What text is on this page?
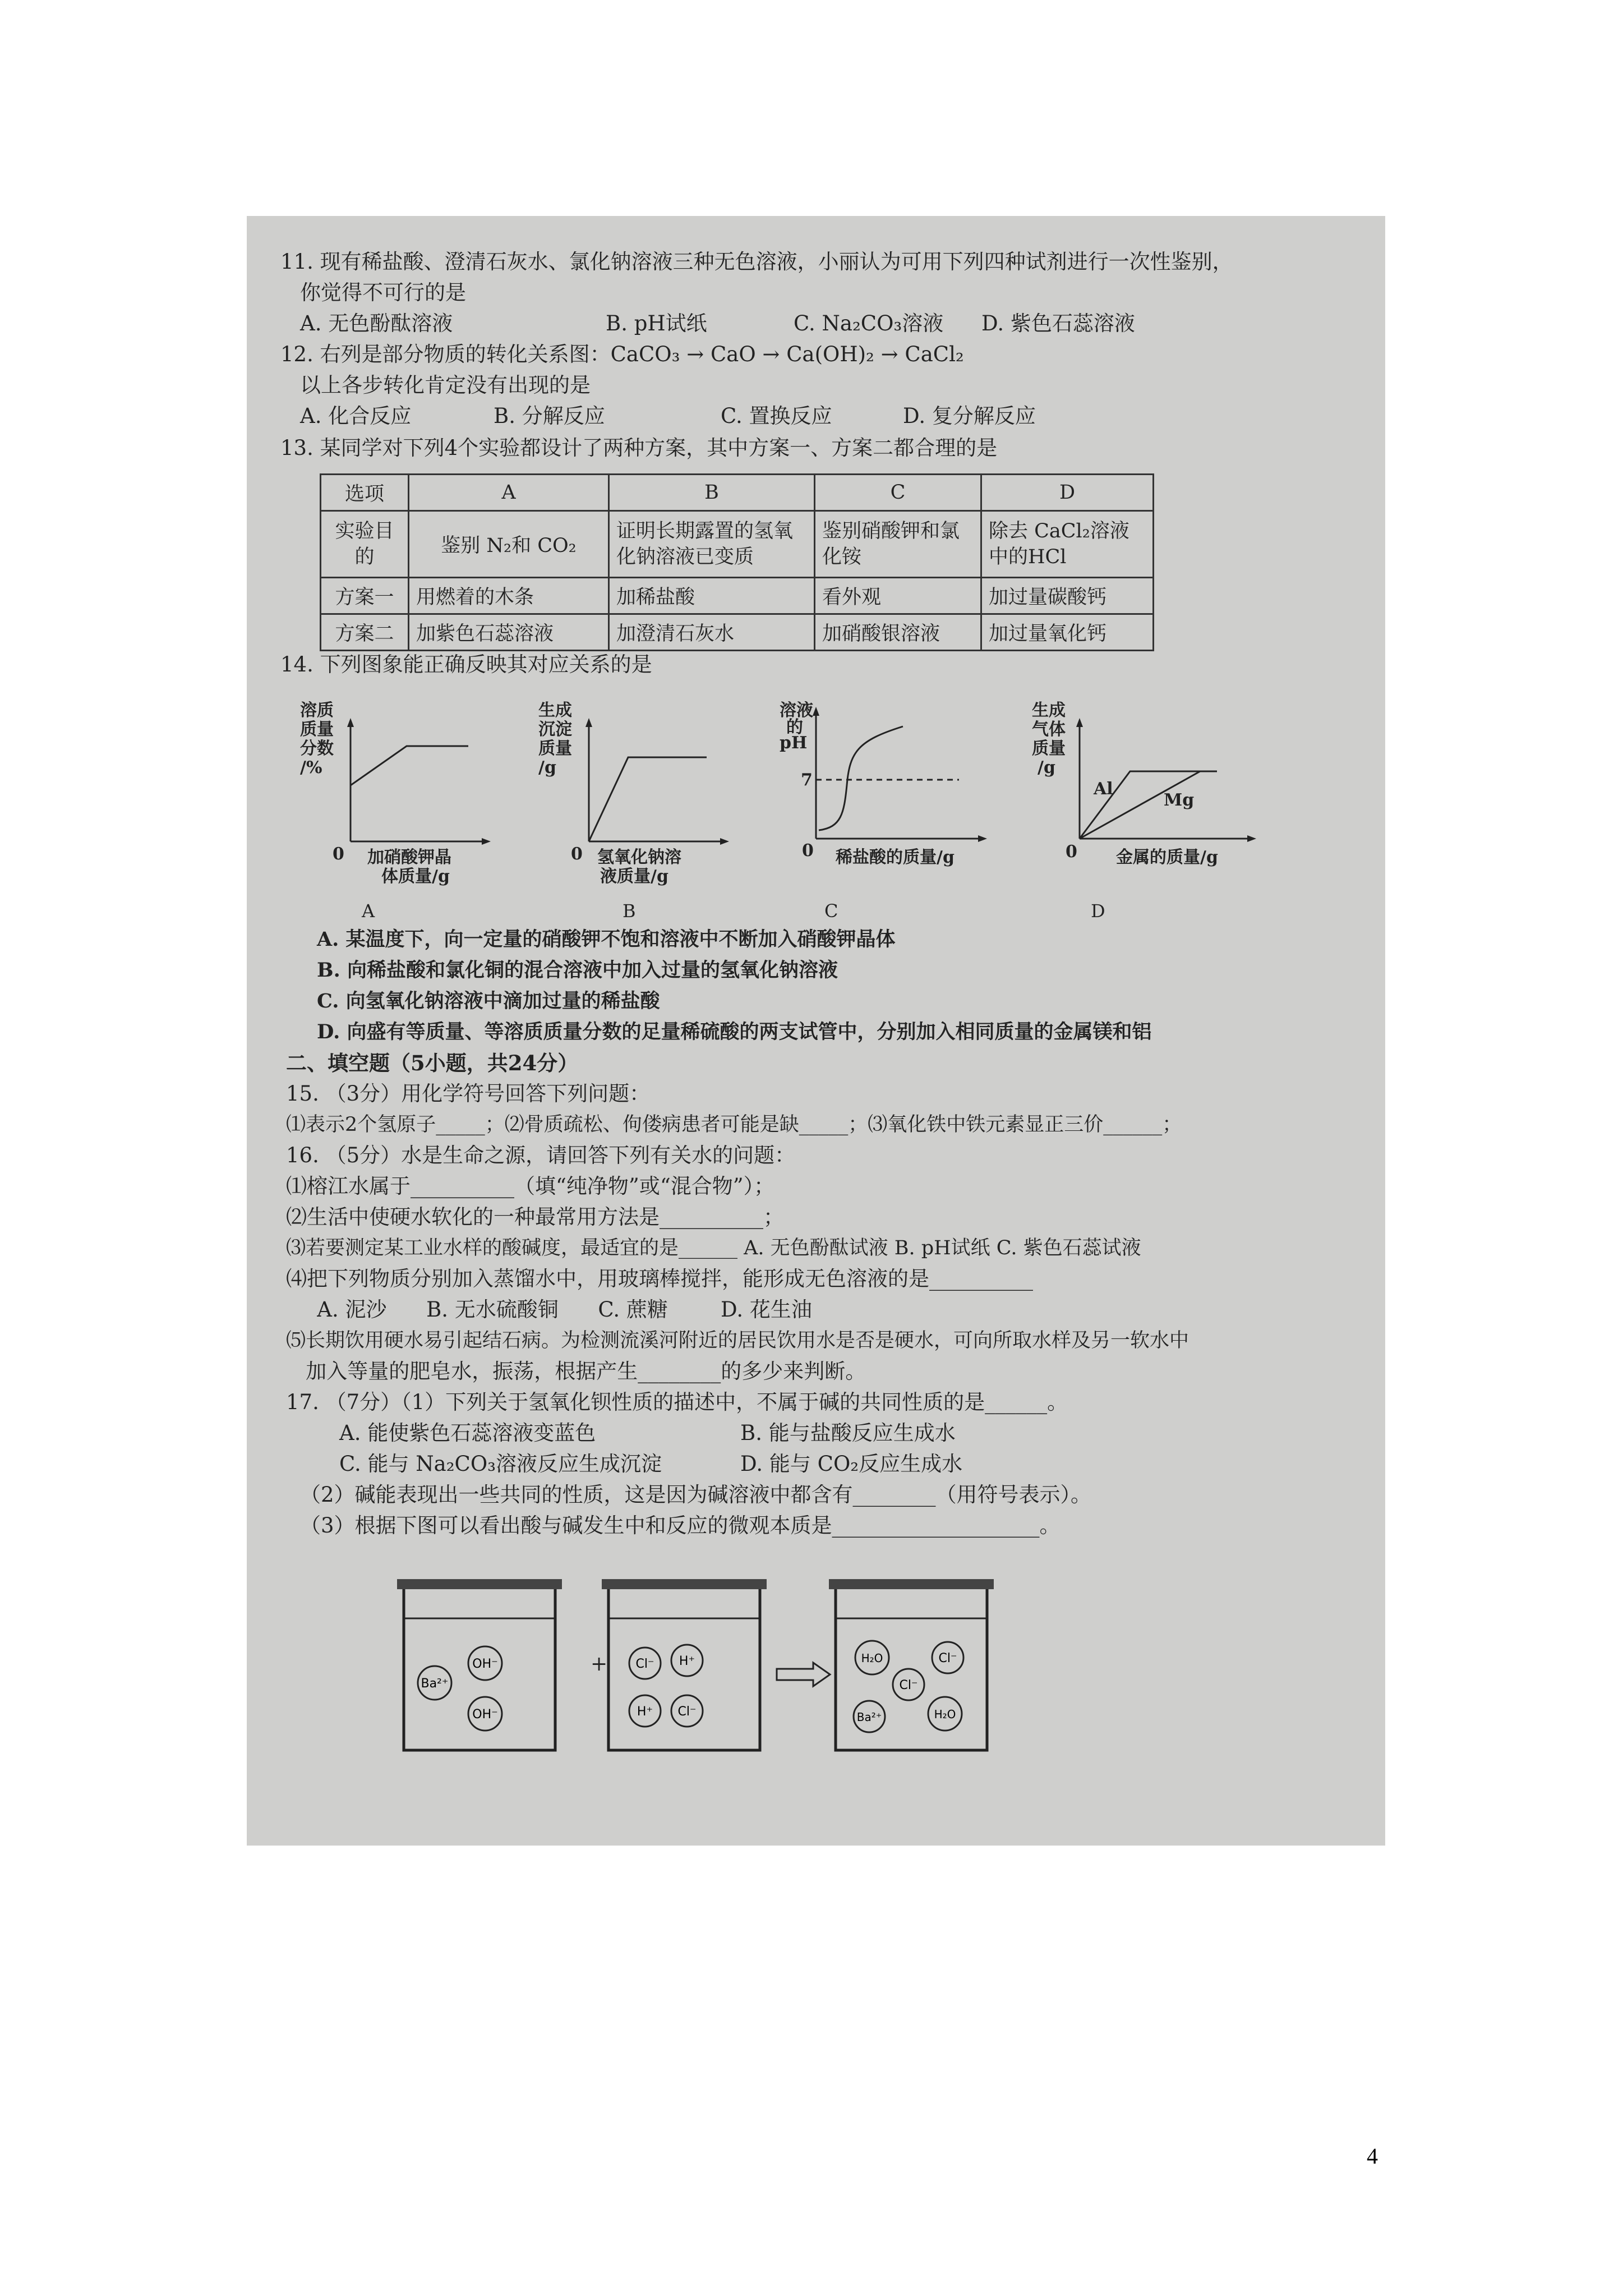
11. 现有稀盐酸、澄清石灰水、氯化钠溶液三种无色溶液，小丽认为可用下列四种试剂进行一次性鉴别，
你觉得不可行的是
A. 无色酚酞溶液	B. pH试纸	C. Na₂CO₃溶液 D. 紫色石蕊溶液
12. 右列是部分物质的转化关系图：CaCO₃ → CaO → Ca(OH)₂ → CaCl₂
以上各步转化肯定没有出现的是
A. 化合反应	B. 分解反应	C. 置换反应	D. 复分解反应
13. 某同学对下列4个实验都设计了两种方案，其中方案一、方案二都合理的是
选项	A	B	C	D
实验目的	鉴别 N₂和 CO₂	证明长期露置的氢氧化钠溶液已变质	鉴别硝酸钾和氯化铵	除去 CaCl₂溶液中的HCl
方案一	用燃着的木条	加稀盐酸	看外观	加过量碳酸钙
方案二	加紫色石蕊溶液	加澄清石灰水	加硝酸银溶液	加过量氧化钙
14. 下列图象能正确反映其对应关系的是
溶质
质量
分数
/%
0 加硝酸钾晶
体质量/g
生成
沉淀
质量
/g
0 氢氧化钠溶
液质量/g
溶液
的
pH
7
0 稀盐酸的质量/g
生成
气体
质量
/g
Al
Mg
0 金属的质量/g
A	B	C	D
A. 某温度下，向一定量的硝酸钾不饱和溶液中不断加入硝酸钾晶体
B. 向稀盐酸和氯化铜的混合溶液中加入过量的氢氧化钠溶液
C. 向氢氧化钠溶液中滴加过量的稀盐酸
D. 向盛有等质量、等溶质质量分数的足量稀硫酸的两支试管中，分别加入相同质量的金属镁和铝
二、填空题（5小题，共24分）
15. （3分）用化学符号回答下列问题：
⑴表示2个氢原子_____；⑵骨质疏松、佝偻病患者可能是缺_____；⑶氧化铁中铁元素显正三价______；
16. （5分）水是生命之源，请回答下列有关水的问题：
⑴榕江水属于__________（填“纯净物”或“混合物”）；
⑵生活中使硬水软化的一种最常用方法是__________；
⑶若要测定某工业水样的酸碱度，最适宜的是______ A. 无色酚酞试液 B. pH试纸 C. 紫色石蕊试液
⑷把下列物质分别加入蒸馏水中，用玻璃棒搅拌，能形成无色溶液的是__________
A. 泥沙      B. 无水硫酸铜      C. 蔗糖        D. 花生油
⑸长期饮用硬水易引起结石病。为检测流溪河附近的居民饮用水是否是硬水，可向所取水样及另一软水中
加入等量的肥皂水，振荡，根据产生________的多少来判断。
17. （7分）（1）下列关于氢氧化钡性质的描述中，不属于碱的共同性质的是______。
A. 能使紫色石蕊溶液变蓝色	B. 能与盐酸反应生成水
C. 能与 Na₂CO₃溶液反应生成沉淀	D. 能与 CO₂反应生成水
（2）碱能表现出一些共同的性质，这是因为碱溶液中都含有________（用符号表示）。
（3）根据下图可以看出酸与碱发生中和反应的微观本质是____________________。
Ba²⁺
OH⁻
OH⁻
+ Cl⁻ H⁺
H⁺ Cl⁻
H₂O	Cl⁻
Cl⁻
Ba²⁺	H₂O
4
